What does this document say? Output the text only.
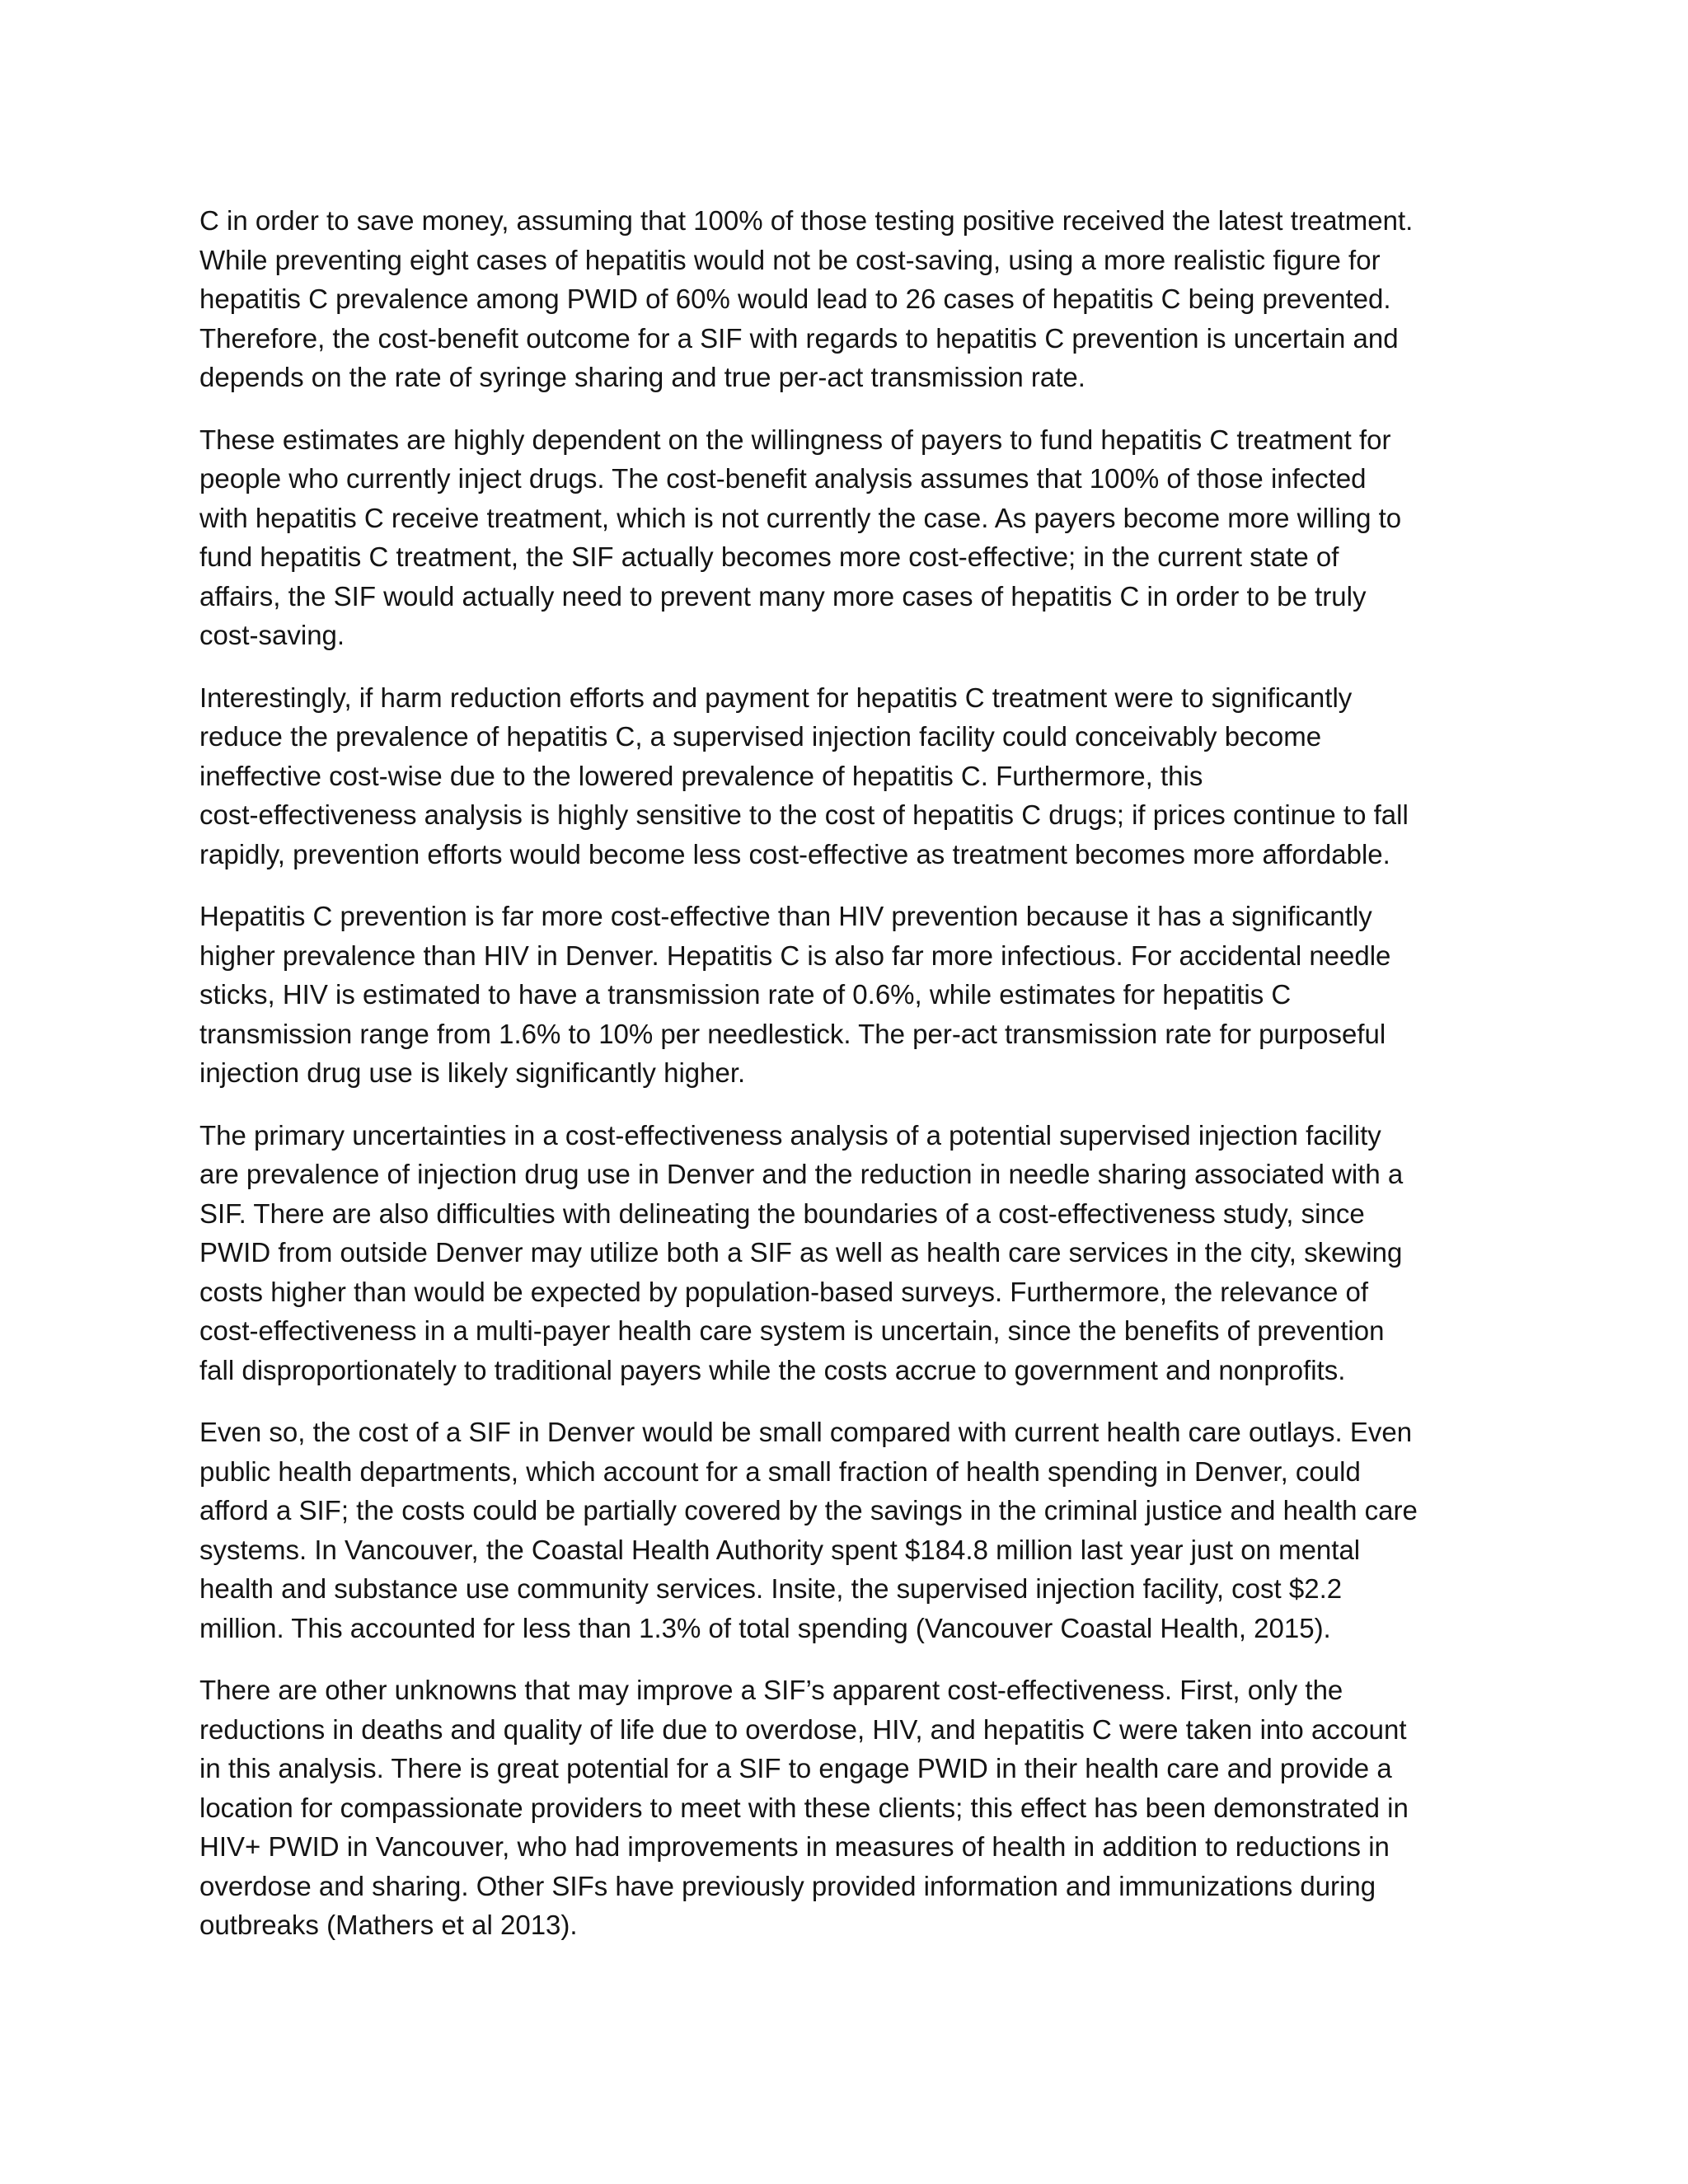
C in order to save money, assuming that 100% of those testing positive received the latest treatment.
While preventing eight cases of hepatitis would not be cost-saving, using a more realistic figure for
hepatitis C prevalence among PWID of 60% would lead to 26 cases of hepatitis C being prevented.
Therefore, the cost-benefit outcome for a SIF with regards to hepatitis C prevention is uncertain and
depends on the rate of syringe sharing and true per-act transmission rate.

These estimates are highly dependent on the willingness of payers to fund hepatitis C treatment for
people who currently inject drugs. The cost-benefit analysis assumes that 100% of those infected
with hepatitis C receive treatment, which is not currently the case. As payers become more willing to
fund hepatitis C treatment, the SIF actually becomes more cost-effective; in the current state of
affairs, the SIF would actually need to prevent many more cases of hepatitis C in order to be truly
cost-saving.

Interestingly, if harm reduction efforts and payment for hepatitis C treatment were to significantly
reduce the prevalence of hepatitis C, a supervised injection facility could conceivably become
ineffective cost-wise due to the lowered prevalence of hepatitis C. Furthermore, this
cost-effectiveness analysis is highly sensitive to the cost of hepatitis C drugs; if prices continue to fall
rapidly, prevention efforts would become less cost-effective as treatment becomes more affordable.

Hepatitis C prevention is far more cost-effective than HIV prevention because it has a significantly
higher prevalence than HIV in Denver. Hepatitis C is also far more infectious. For accidental needle
sticks, HIV is estimated to have a transmission rate of 0.6%, while estimates for hepatitis C
transmission range from 1.6% to 10% per needlestick. The per-act transmission rate for purposeful
injection drug use is likely significantly higher.

The primary uncertainties in a cost-effectiveness analysis of a potential supervised injection facility
are prevalence of injection drug use in Denver and the reduction in needle sharing associated with a
SIF. There are also difficulties with delineating the boundaries of a cost-effectiveness study, since
PWID from outside Denver may utilize both a SIF as well as health care services in the city, skewing
costs higher than would be expected by population-based surveys. Furthermore, the relevance of
cost-effectiveness in a multi-payer health care system is uncertain, since the benefits of prevention
fall disproportionately to traditional payers while the costs accrue to government and nonprofits.

Even so, the cost of a SIF in Denver would be small compared with current health care outlays. Even
public health departments, which account for a small fraction of health spending in Denver, could
afford a SIF; the costs could be partially covered by the savings in the criminal justice and health care
systems. In Vancouver, the Coastal Health Authority spent $184.8 million last year just on mental
health and substance use community services. Insite, the supervised injection facility, cost $2.2
million. This accounted for less than 1.3% of total spending (Vancouver Coastal Health, 2015).

There are other unknowns that may improve a SIF’s apparent cost-effectiveness. First, only the
reductions in deaths and quality of life due to overdose, HIV, and hepatitis C were taken into account
in this analysis. There is great potential for a SIF to engage PWID in their health care and provide a
location for compassionate providers to meet with these clients; this effect has been demonstrated in
HIV+ PWID in Vancouver, who had improvements in measures of health in addition to reductions in
overdose and sharing. Other SIFs have previously provided information and immunizations during
outbreaks (Mathers et al 2013).
